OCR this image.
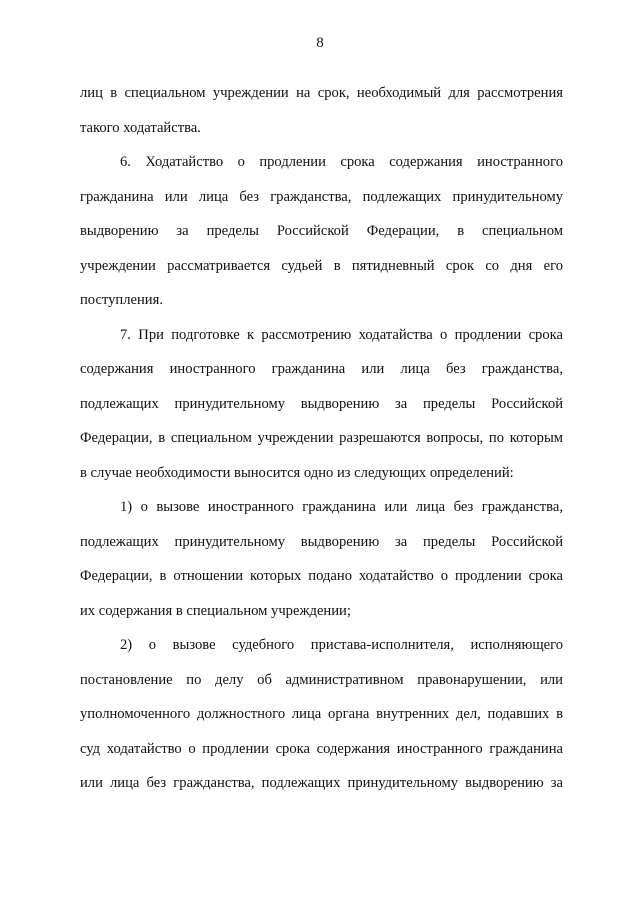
8
лиц в специальном учреждении на срок, необходимый для рассмотрения
такого ходатайства.
6. Ходатайство о продлении срока содержания иностранного
гражданина или лица без гражданства, подлежащих принудительному
выдворению за пределы Российской Федерации, в специальном
учреждении рассматривается судьей в пятидневный срок со дня его
поступления.
7. При подготовке к рассмотрению ходатайства о продлении срока
содержания иностранного гражданина или лица без гражданства,
подлежащих принудительному выдворению за пределы Российской
Федерации, в специальном учреждении разрешаются вопросы, по которым
в случае необходимости выносится одно из следующих определений:
1) о вызове иностранного гражданина или лица без гражданства,
подлежащих принудительному выдворению за пределы Российской
Федерации, в отношении которых подано ходатайство о продлении срока
их содержания в специальном учреждении;
2) о вызове судебного пристава-исполнителя, исполняющего
постановление по делу об административном правонарушении, или
уполномоченного должностного лица органа внутренних дел, подавших в
суд ходатайство о продлении срока содержания иностранного гражданина
или лица без гражданства, подлежащих принудительному выдворению за
